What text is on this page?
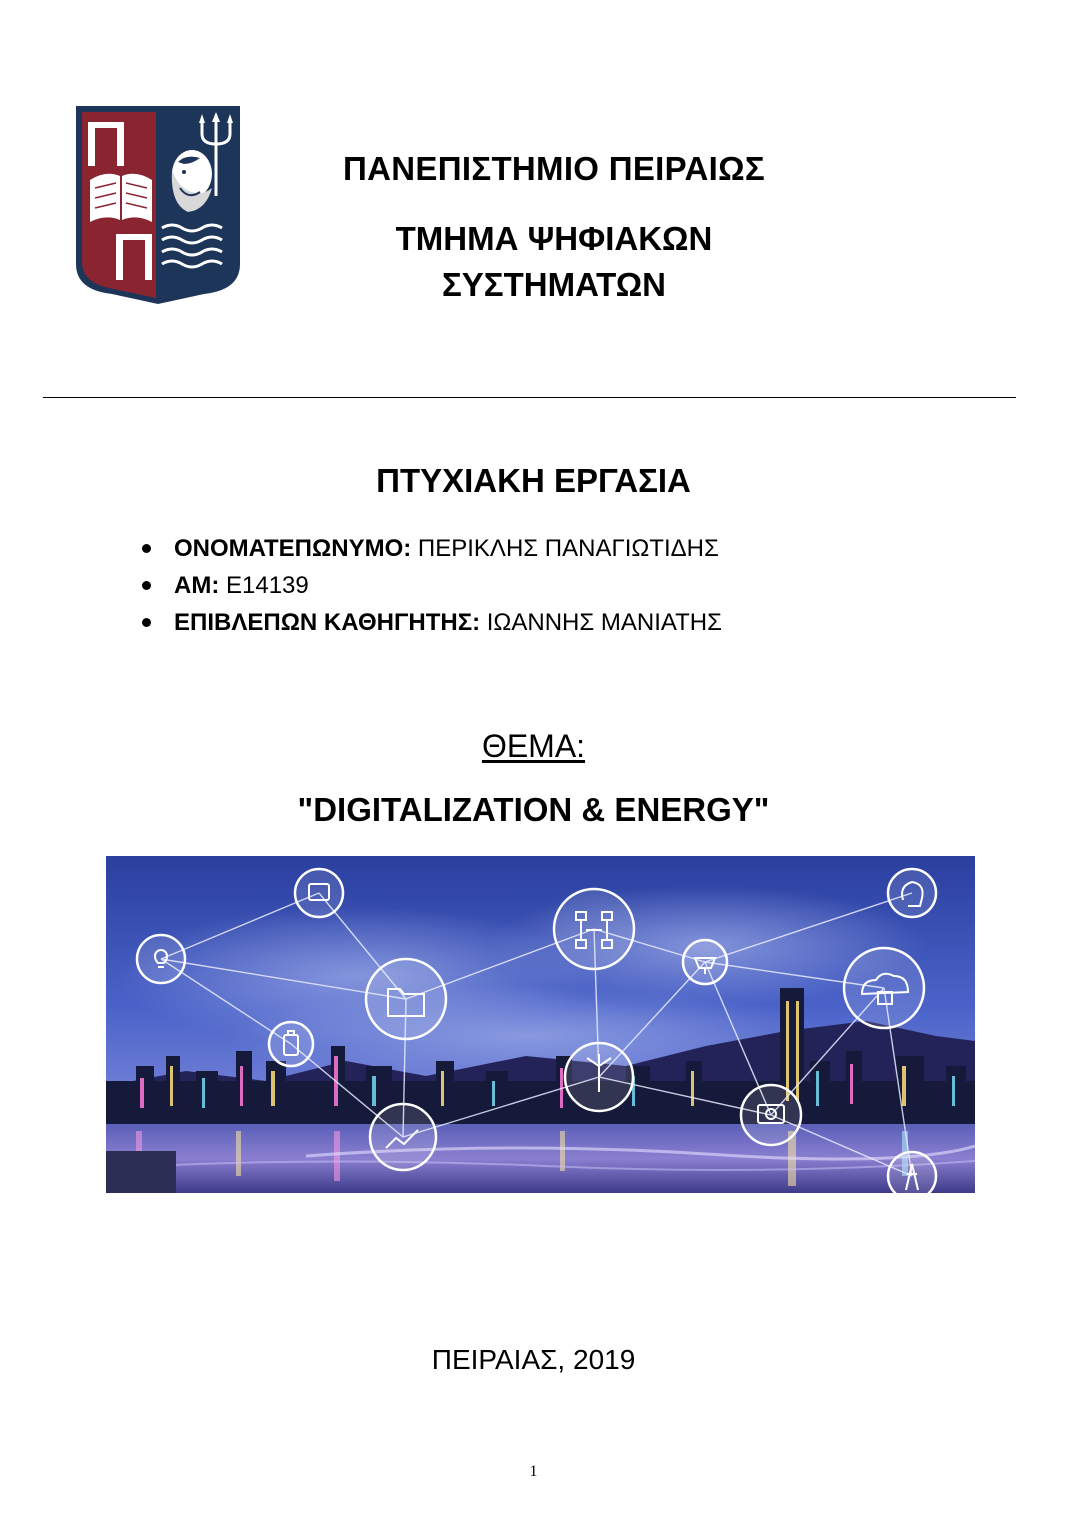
ΠΑΝΕΠΙΣΤΗΜΙΟ ΠΕΙΡΑΙΩΣ

ΤΜΗΜΑ ΨΗΦΙΑΚΩΝ
ΣΥΣΤΗΜΑΤΩΝ

ΠΤΥΧΙΑΚΗ ΕΡΓΑΣΙΑ

ΟΝΟΜΑΤΕΠΩΝΥΜΟ: ΠΕΡΙΚΛΗΣ ΠΑΝΑΓΙΩΤΙΔΗΣ
ΑΜ: Ε14139
ΕΠΙΒΛΕΠΩΝ ΚΑΘΗΓΗΤΗΣ: ΙΩΑΝΝΗΣ ΜΑΝΙΑΤΗΣ

ΘΕΜΑ:

"DIGITALIZATION & ENERGY"

ΠΕΙΡΑΙΑΣ, 2019

1
